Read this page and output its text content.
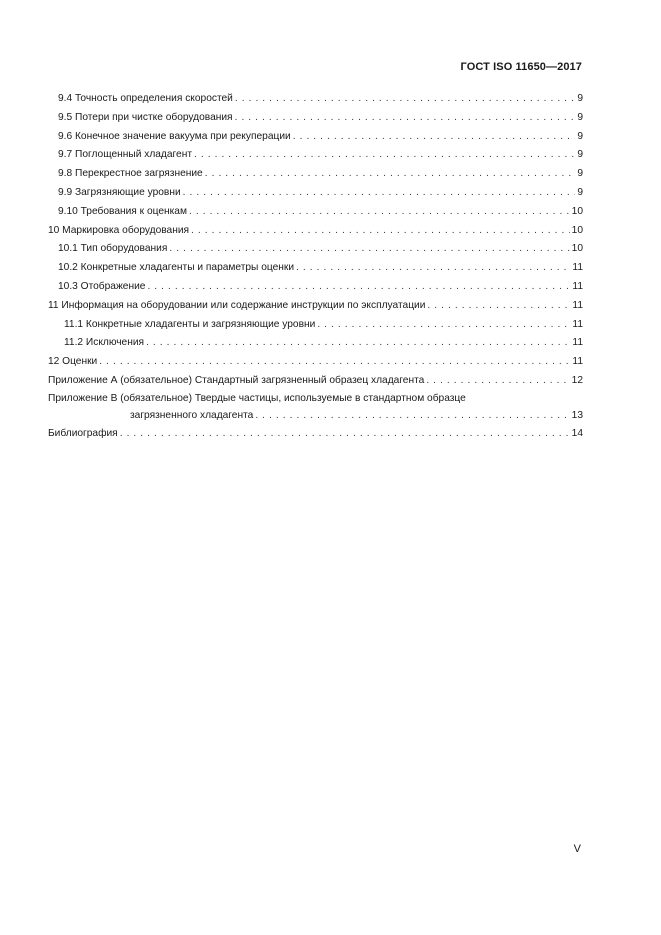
ГОСТ ISO 11650—2017
9.4 Точность определения скоростей . . .	9
9.5 Потери при чистке оборудования . . .	9
9.6 Конечное значение вакуума при рекуперации . . .	9
9.7 Поглощенный хладагент . . .	9
9.8 Перекрестное загрязнение . . .	9
9.9 Загрязняющие уровни . . .	9
9.10 Требования к оценкам . . .	10
10 Маркировка оборудования . . .	10
10.1 Тип оборудования . . .	10
10.2 Конкретные хладагенты и параметры оценки . . .	11
10.3 Отображение . . .	11
11 Информация на оборудовании или содержание инструкции по эксплуатации . . .	11
11.1 Конкретные хладагенты и загрязняющие уровни . . .	11
11.2 Исключения . . .	11
12 Оценки . . .	11
Приложение А (обязательное) Стандартный загрязненный образец хладагента . . .	12
Приложение В (обязательное) Твердые частицы, используемые в стандартном образце
загрязненного хладагента . . .	13
Библиография . . .	14
V
